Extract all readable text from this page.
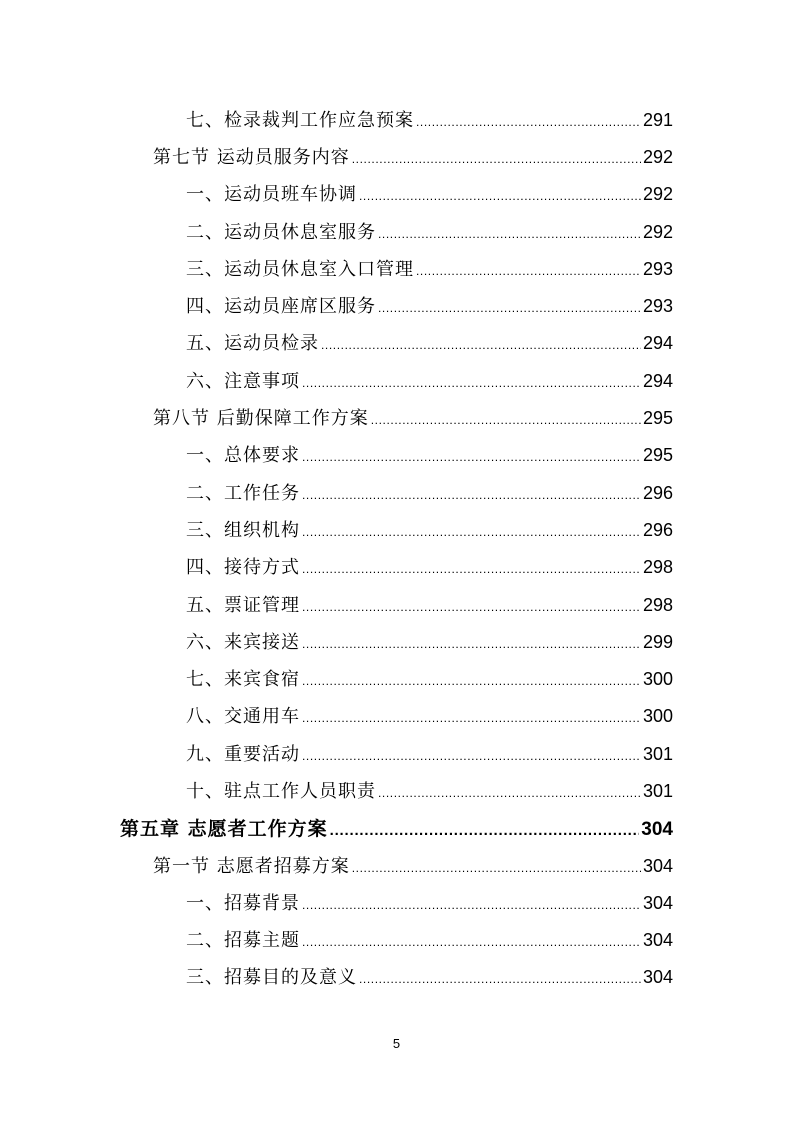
七、检录裁判工作应急预案 .....	291
第七节 运动员服务内容 .....	292
一、运动员班车协调 .....	292
二、运动员休息室服务 .....	292
三、运动员休息室入口管理 .....	293
四、运动员座席区服务 .....	293
五、运动员检录 .....	294
六、注意事项 .....	294
第八节 后勤保障工作方案 .....	295
一、总体要求 .....	295
二、工作任务 .....	296
三、组织机构 .....	296
四、接待方式 .....	298
五、票证管理 .....	298
六、来宾接送 .....	299
七、来宾食宿 .....	300
八、交通用车 .....	300
九、重要活动 .....	301
十、驻点工作人员职责 .....	301
第五章 志愿者工作方案 .....	304
第一节 志愿者招募方案 .....	304
一、招募背景 .....	304
二、招募主题 .....	304
三、招募目的及意义 .....	304
5
